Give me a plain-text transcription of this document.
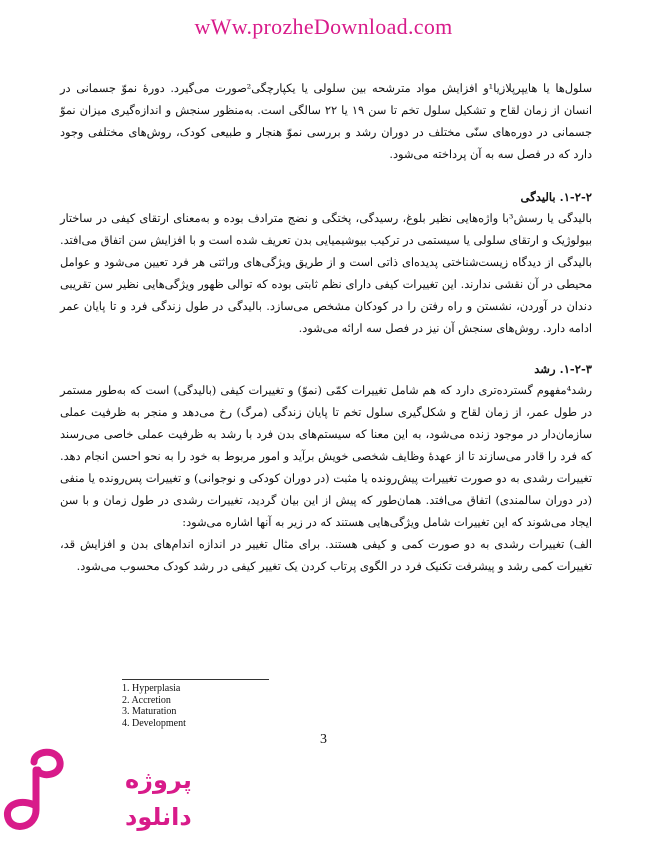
wWw.prozheDownload.com

سلول‌ها یا هایپرپلازیا¹و افزایش مواد مترشحه بین سلولی یا یکپارچگی²صورت می‌گیرد. دورۀ نموّ جسمانی در انسان از زمان لقاح و تشکیل سلول تخم تا سن ۱۹ یا ۲۲ سالگی است. به‌منظور سنجش و اندازه‌گیری میزان نموّ جسمانی در دوره‌های سنّی مختلف در دوران رشد و بررسی نموّ هنجار و طبیعی کودک، روش‌های مختلفی وجود دارد که در فصل سه به آن پرداخته می‌شود.

۱-۲-۲. بالیدگی

بالیدگی یا رسش³با واژه‌هایی نظیر بلوغ، رسیدگی، پختگی و نضج مترادف بوده و به‌معنای ارتقای کیفی در ساختار بیولوژیک و ارتقای سلولی یا سیستمی در ترکیب بیوشیمیایی بدن تعریف شده است و با افزایش سن اتفاق می‌افتد. بالیدگی از دیدگاه زیست‌شناختی پدیده‌ای ذاتی است و از طریق ویژگی‌های وراثتی هر فرد تعیین می‌شود و عوامل محیطی در آن نقشی ندارند. این تغییرات کیفی دارای نظم ثابتی بوده که توالی ظهور ویژگی‌هایی نظیر سن تقریبی دندان در آوردن، نشستن و راه رفتن را در کودکان مشخص می‌سازد. بالیدگی در طول زندگی فرد و تا پایان عمر ادامه دارد. روش‌های سنجش آن نیز در فصل سه ارائه می‌شود.

۱-۲-۳. رشد

رشد⁴مفهوم گسترده‌تری دارد که هم شامل تغییرات کمّی (نموّ) و تغییرات کیفی (بالیدگی) است که به‌طور مستمر در طول عمر، از زمان لقاح و شکل‌گیری سلول تخم تا پایان زندگی (مرگ) رخ می‌دهد و منجر به ظرفیت عملی سازمان‌دار در موجود زنده می‌شود، به این معنا که سیستم‌های بدن فرد با رشد به ظرفیت عملی خاصی می‌رسند که فرد را قادر می‌سازند تا از عهدۀ وظایف شخصی خویش برآید و امور مربوط به خود را به نحو احسن انجام دهد. تغییرات رشدی به دو صورت تغییرات پیش‌رونده یا مثبت (در دوران کودکی و نوجوانی) و تغییرات پس‌رونده یا منفی (در دوران سالمندی) اتفاق می‌افتد. همان‌طور که پیش از این بیان گردید، تغییرات رشدی در طول زمان و با سن ایجاد می‌شوند که این تغییرات شامل ویژگی‌هایی هستند که در زیر به آنها اشاره می‌شود:

الف) تغییرات رشدی به دو صورت کمی و کیفی هستند. برای مثال تغییر در اندازه اندام‌های بدن و افزایش قد، تغییرات کمی رشد و پیشرفت تکنیک فرد در الگوی پرتاب کردن یک تغییر کیفی در رشد کودک محسوب می‌شود.

1. Hyperplasia
2. Accretion
3. Maturation
4. Development
3
پروژه
دانلود
